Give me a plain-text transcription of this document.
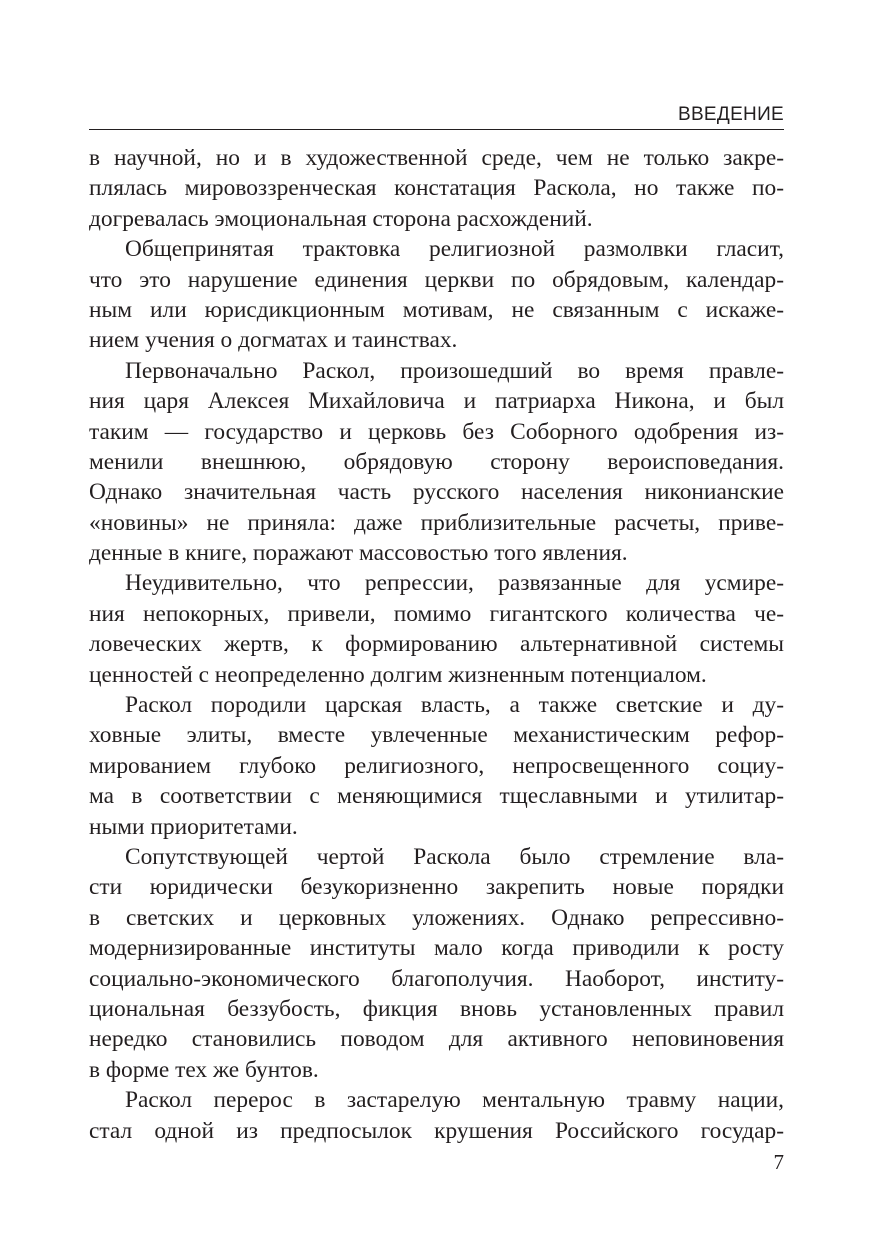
ВВЕДЕНИЕ
в научной, но и в художественной среде, чем не только закре-
плялась мировоззренческая констатация Раскола, но также по-
догревалась эмоциональная сторона расхождений.
Общепринятая трактовка религиозной размолвки гласит,
что это нарушение единения церкви по обрядовым, календар-
ным или юрисдикционным мотивам, не связанным с искаже-
нием учения о догматах и таинствах.
Первоначально Раскол, произошедший во время правле-
ния царя Алексея Михайловича и патриарха Никона, и был
таким — государство и церковь без Соборного одобрения из-
менили внешнюю, обрядовую сторону вероисповедания.
Однако значительная часть русского населения никонианские
«новины» не приняла: даже приблизительные расчеты, приве-
денные в книге, поражают массовостью того явления.
Неудивительно, что репрессии, развязанные для усмире-
ния непокорных, привели, помимо гигантского количества че-
ловеческих жертв, к формированию альтернативной системы
ценностей с неопределенно долгим жизненным потенциалом.
Раскол породили царская власть, а также светские и ду-
ховные элиты, вместе увлеченные механистическим рефор-
мированием глубоко религиозного, непросвещенного социу-
ма в соответствии с меняющимися тщеславными и утилитар-
ными приоритетами.
Сопутствующей чертой Раскола было стремление вла-
сти юридически безукоризненно закрепить новые порядки
в светских и церковных уложениях. Однако репрессивно-
модернизированные институты мало когда приводили к росту
социально-экономического благополучия. Наоборот, институ-
циональная беззубость, фикция вновь установленных правил
нередко становились поводом для активного неповиновения
в форме тех же бунтов.
Раскол перерос в застарелую ментальную травму нации,
стал одной из предпосылок крушения Российского государ-
7
